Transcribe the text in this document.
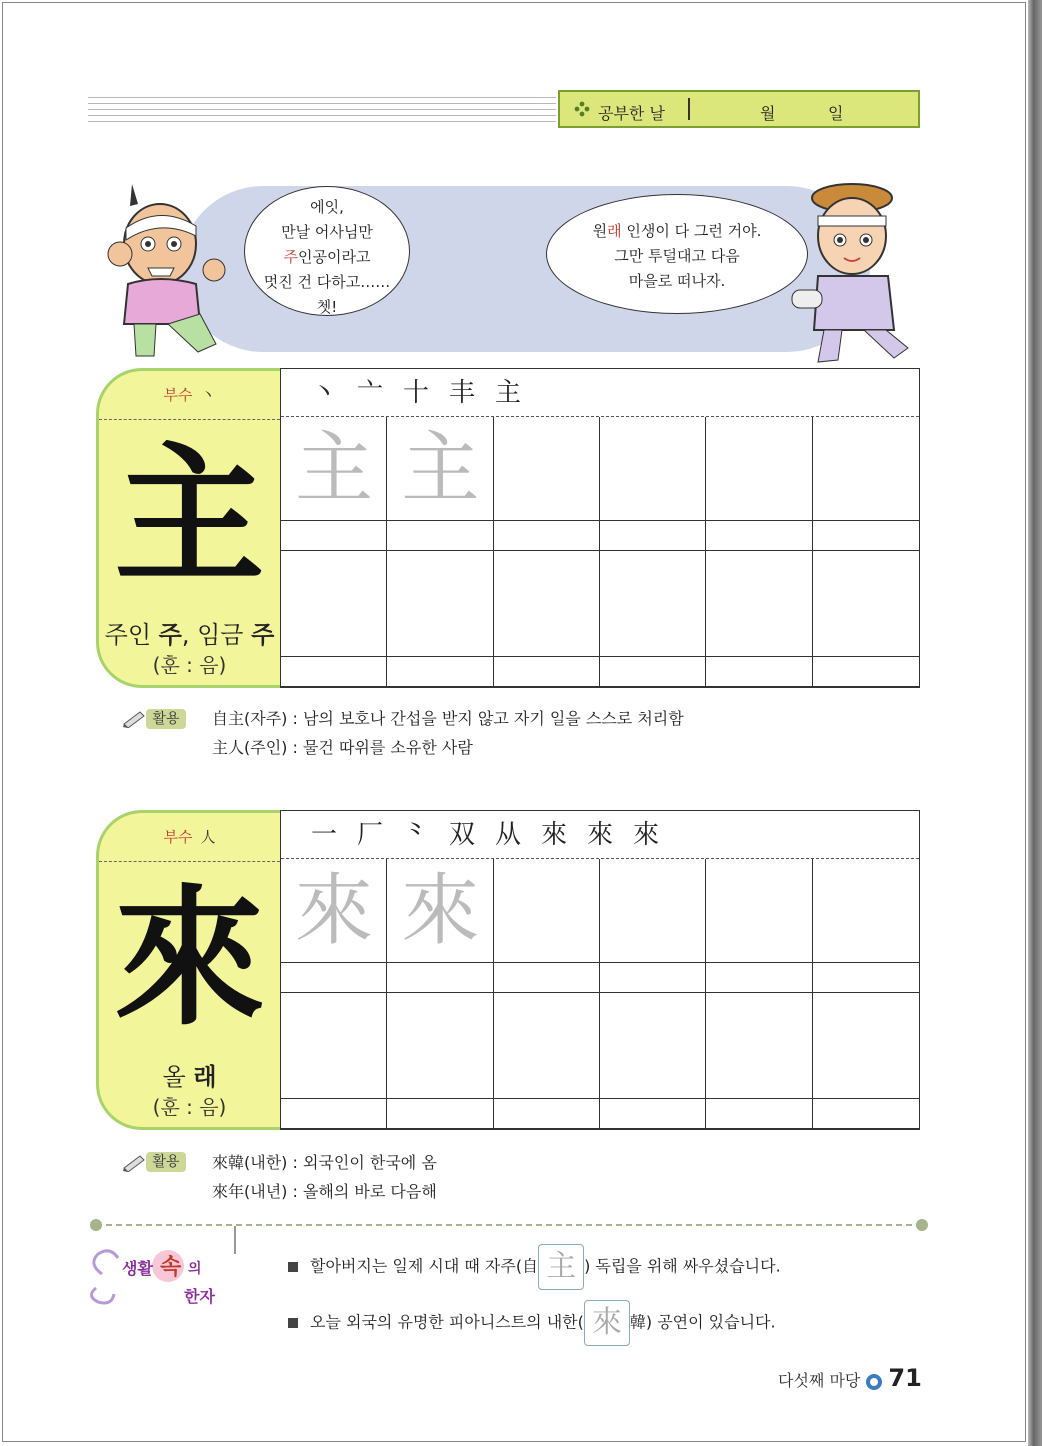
공부한 날	월	일
에잇,
만날 어사님만
주인공이라고
멋진 건 다하고……
쳇!
원래 인생이 다 그런 거야.
그만 투덜대고 다음
마을로 떠나자.
부수 丶
主
주인 주, 임금 주
(훈 : 음)
丶 亠 十 丰 主
主 主
활용	自主(자주) : 남의 보호나 간섭을 받지 않고 자기 일을 스스로 처리함
主人(주인) : 물건 따위를 소유한 사람
부수 人
來
올 래
(훈 : 음)
一 厂 ⺀ 双 从 來 來 來
來 來
활용	來韓(내한) : 외국인이 한국에 옴
來年(내년) : 올해의 바로 다음해
생활 속 의
한자
할아버지는 일제 시대 때 자주(自 主 ) 독립을 위해 싸우셨습니다.
오늘 외국의 유명한 피아니스트의 내한( 來 韓) 공연이 있습니다.
다섯째 마당 71
